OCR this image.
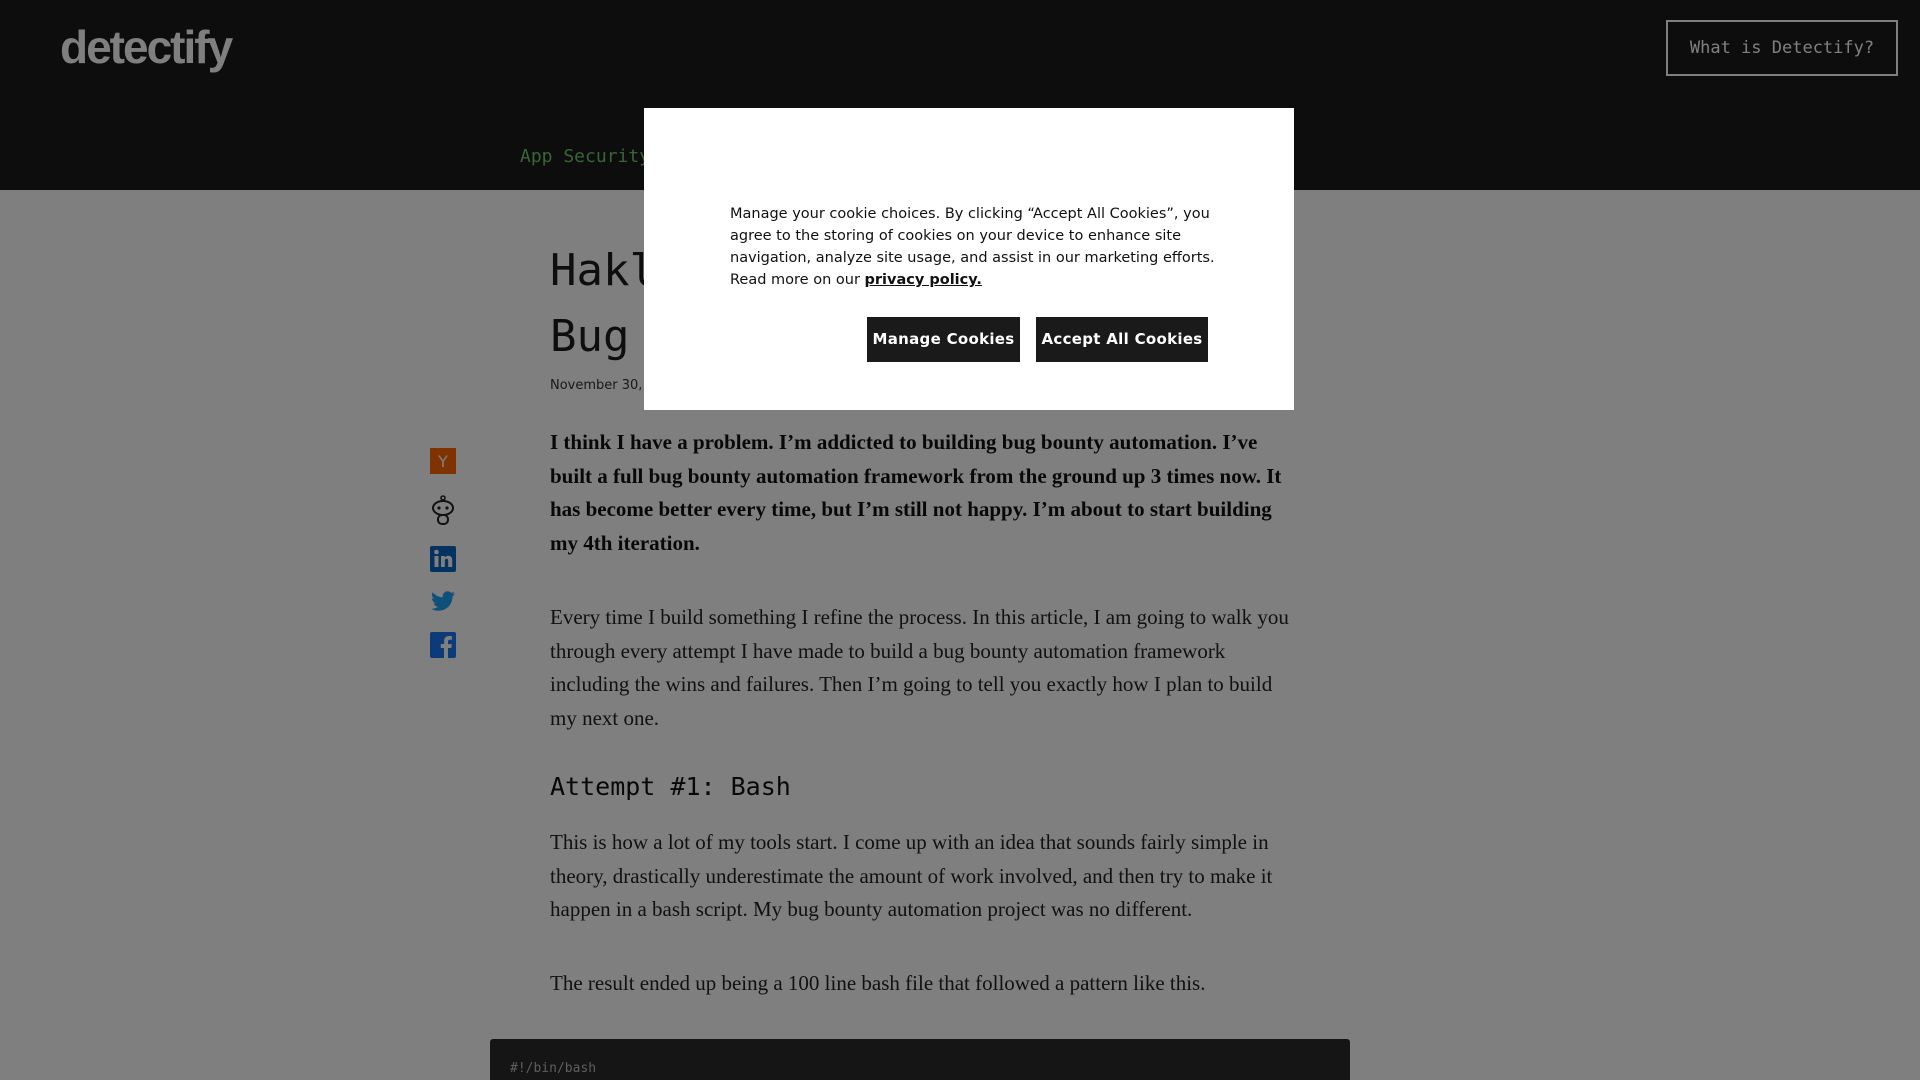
Manage your cookie choices. By clicking “Accept All Cookies”, you agree to the storing of cookies on your device to enhance site navigation, analyze site usage, and assist in our marketing efforts. Read more on our privacy policy.

Manage Cookies	Accept All Cookies
